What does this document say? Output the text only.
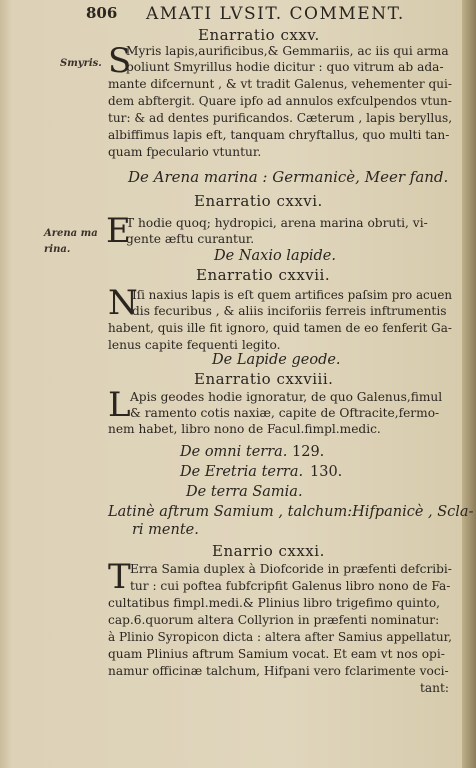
806 AMATI LVSIT. COMMENT.
Enarratio cxxv.
Smyris. S
Myris lapis,aurificibus,& Gemmariis, ac iis qui arma
poliunt Smyrillus hodie dicitur : quo vitrum ab ada-
mante difcernunt , & vt tradit Galenus, vehementer qui-
dem abftergit. Quare ipfo ad annulos exfculpendos vtun-
tur: & ad dentes purificandos. Cæterum , lapis beryllus,
albiffimus lapis eft, tanquam chryftallus, quo multi tan-
quam fpeculario vtuntur.
De Arena marina : Germanicè, Meer fand.
Enarratio cxxvi.
Arena ma
rina. E
T hodie quoq; hydropici, arena marina obruti, vi-
gente æftu curantur.
De Naxio lapide.
Enarratio cxxvii.
N
Iſi naxius lapis is eſt quem artifices paſsim pro acuen
dis fecuribus , & aliis inciforiis ferreis inftrumentis
habent, quis ille fit ignoro, quid tamen de eo fenferit Ga-
lenus capite fequenti legito.
De Lapide geode.
Enarratio cxxviii.
L Apis geodes hodie ignoratur, de quo Galenus,fimul
& ramento cotis naxiæ, capite de Oftracite,fermo-
nem habet, libro nono de Facul.fimpl.medic.
De omni terra. 129.
De Eretria terra. 130.
De terra Samia.
Latinè aftrum Samium , talchum:Hifpanicè , Scla-
ri mente.
Enarrio cxxxi.
T Erra Samia duplex à Diofcoride in præfenti defcribi-
tur : cui poftea fubfcripfit Galenus libro nono de Fa-
cultatibus fimpl.medi.& Plinius libro trigefimo quinto,
cap.6.quorum altera Collyrion in præfenti nominatur:
à Plinio Syropicon dicta : altera after Samius appellatur,
quam Plinius aftrum Samium vocat. Et eam vt nos opi-
namur officinæ talchum, Hifpani vero fclarimente voci-
tant:
